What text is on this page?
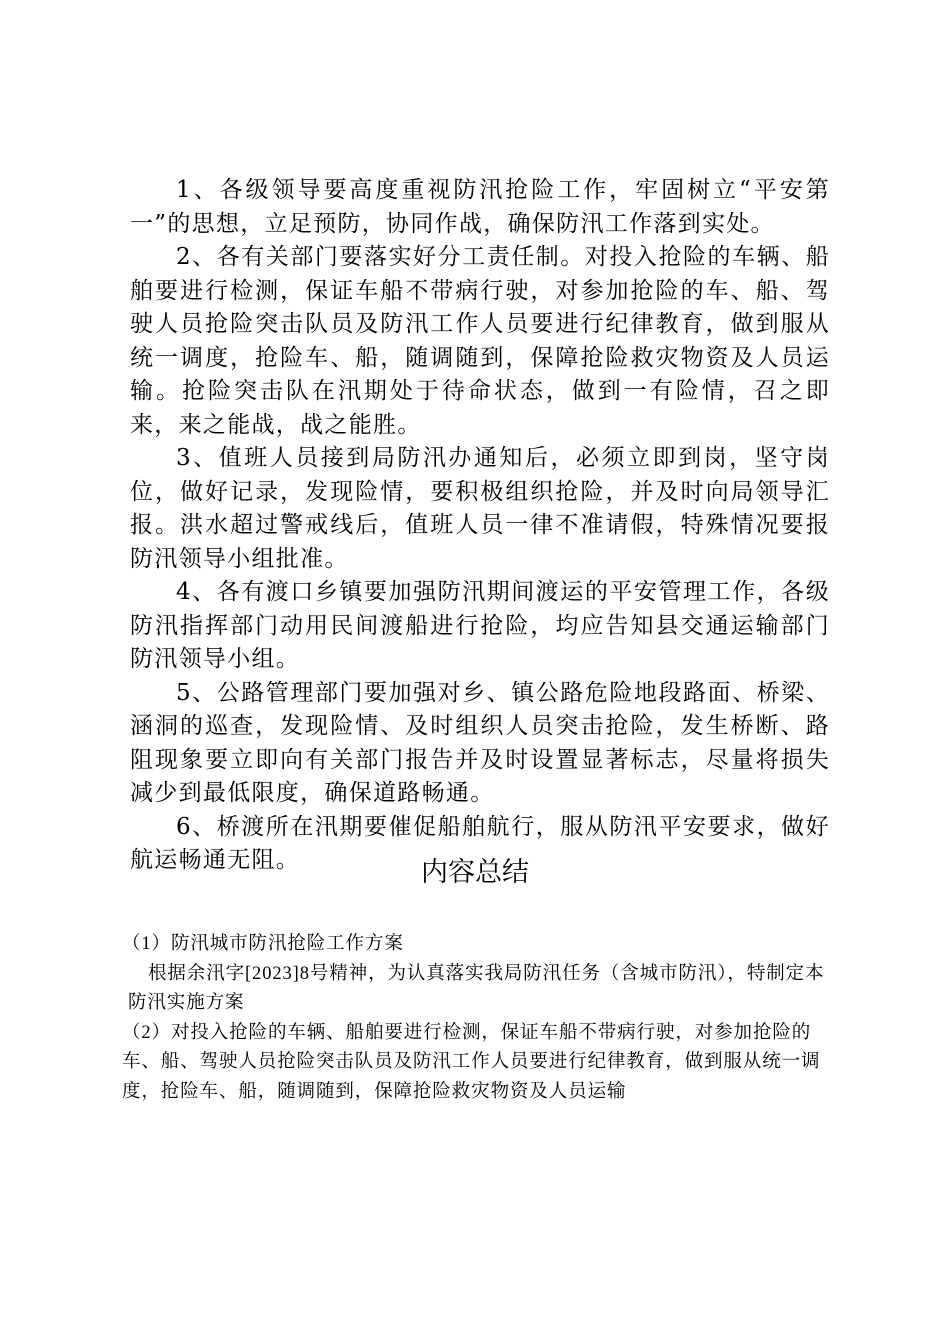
1、各级领导要高度重视防汛抢险工作，牢固树立“平安第一”的思想，立足预防，协同作战，确保防汛工作落到实处。

2、各有关部门要落实好分工责任制。对投入抢险的车辆、船舶要进行检测，保证车船不带病行驶，对参加抢险的车、船、驾驶人员抢险突击队员及防汛工作人员要进行纪律教育，做到服从统一调度，抢险车、船，随调随到，保障抢险救灾物资及人员运输。抢险突击队在汛期处于待命状态，做到一有险情，召之即来，来之能战，战之能胜。

3、值班人员接到局防汛办通知后，必须立即到岗，坚守岗位，做好记录，发现险情，要积极组织抢险，并及时向局领导汇报。洪水超过警戒线后，值班人员一律不准请假，特殊情况要报防汛领导小组批准。

4、各有渡口乡镇要加强防汛期间渡运的平安管理工作，各级防汛指挥部门动用民间渡船进行抢险，均应告知县交通运输部门防汛领导小组。

5、公路管理部门要加强对乡、镇公路危险地段路面、桥梁、涵洞的巡查，发现险情、及时组织人员突击抢险，发生桥断、路阻现象要立即向有关部门报告并及时设置显著标志，尽量将损失减少到最低限度，确保道路畅通。

6、桥渡所在汛期要催促船舶航行，服从防汛平安要求，做好航运畅通无阻。	内容总结

（1）防汛城市防汛抢险工作方案

根据余汛字[2023]8号精神，为认真落实我局防汛任务（含城市防汛），特制定本防汛实施方案

（2）对投入抢险的车辆、船舶要进行检测，保证车船不带病行驶，对参加抢险的车、船、驾驶人员抢险突击队员及防汛工作人员要进行纪律教育，做到服从统一调度，抢险车、船，随调随到，保障抢险救灾物资及人员运输
